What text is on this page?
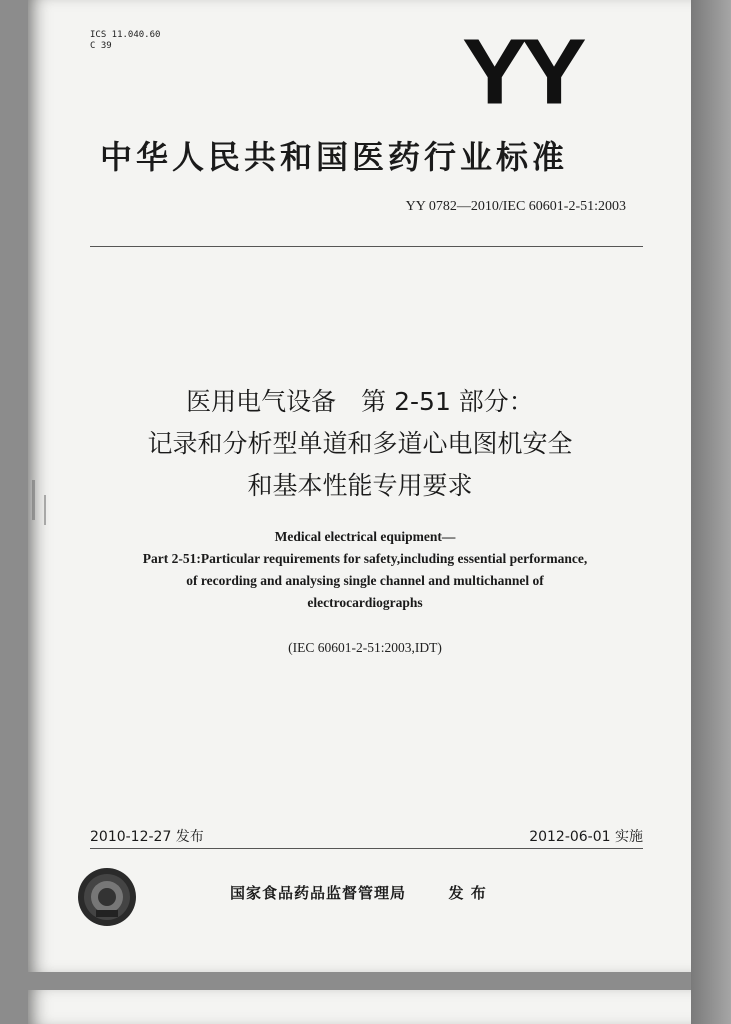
ICS 11.040.60
C 39	YY
中华人民共和国医药行业标准
YY 0782—2010/IEC 60601-2-51:2003
医用电气设备　第 2-51 部分：
记录和分析型单道和多道心电图机安全
和基本性能专用要求
Medical electrical equipment—
Part 2-51:Particular requirements for safety,including essential performance,
of recording and analysing single channel and multichannel of
electrocardiographs
(IEC 60601-2-51:2003,IDT)
2010-12-27 发布	2012-06-01 实施
国家食品药品监督管理局	发 布
